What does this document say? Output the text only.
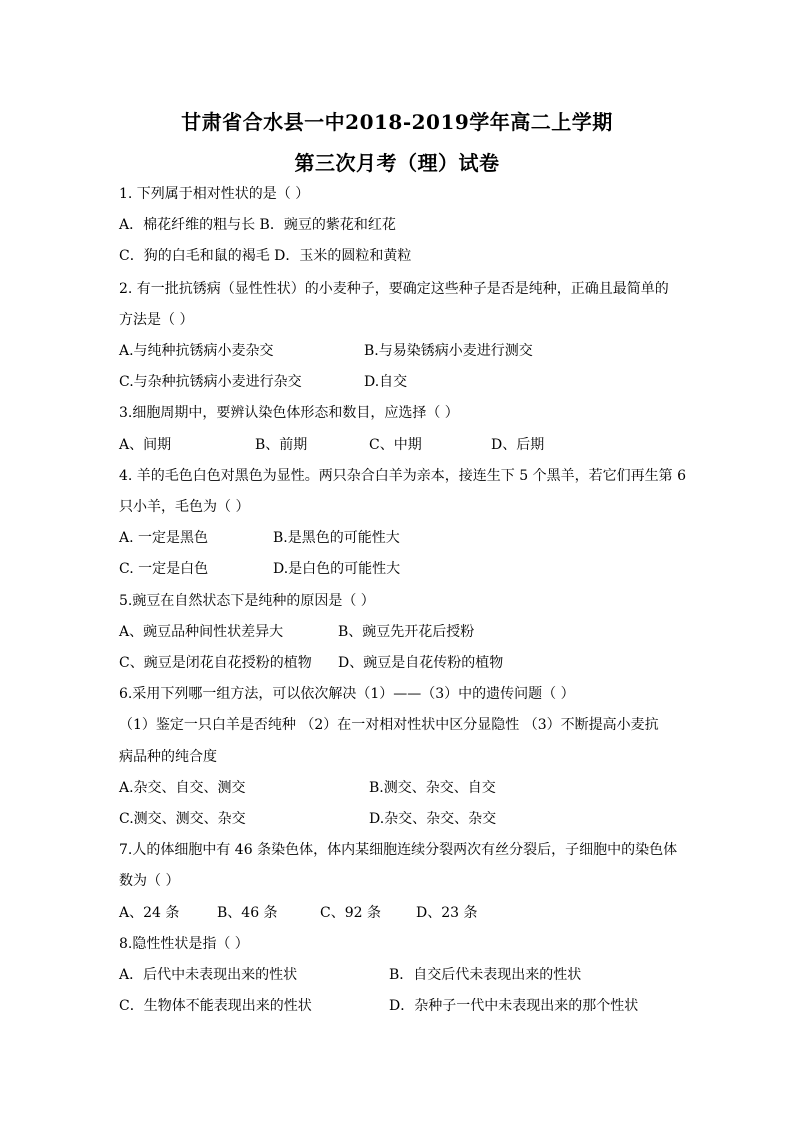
甘肃省合水县一中2018-2019学年高二上学期
第三次月考（理）试卷
1. 下列属于相对性状的是（ ）
A．棉花纤维的粗与长 B．豌豆的紫花和红花
C．狗的白毛和鼠的褐毛 D．玉米的圆粒和黄粒
2. 有一批抗锈病（显性性状）的小麦种子，要确定这些种子是否是纯种，正确且最简单的
方法是（ ）
A.与纯种抗锈病小麦杂交	B.与易染锈病小麦进行测交
C.与杂种抗锈病小麦进行杂交	D.自交
3.细胞周期中，要辨认染色体形态和数目，应选择（ ）
A、间期	B、前期	C、中期	D、后期
4. 羊的毛色白色对黑色为显性。两只杂合白羊为亲本，接连生下 5 个黑羊，若它们再生第 6
只小羊，毛色为（ ）
A. 一定是黑色	B.是黑色的可能性大
C. 一定是白色	D.是白色的可能性大
5.豌豆在自然状态下是纯种的原因是（ ）
A、豌豆品种间性状差异大	B、豌豆先开花后授粉
C、豌豆是闭花自花授粉的植物 D、豌豆是自花传粉的植物
6.采用下列哪一组方法，可以依次解决（1）——（3）中的遗传问题（ ）
（1）鉴定一只白羊是否纯种 （2）在一对相对性状中区分显隐性 （3）不断提高小麦抗
病品种的纯合度
A.杂交、自交、测交	B.测交、杂交、自交
C.测交、测交、杂交	D.杂交、杂交、杂交
7.人的体细胞中有 46 条染色体，体内某细胞连续分裂两次有丝分裂后，子细胞中的染色体
数为（ ）
A、24 条	B、46 条	C、92 条	D、23 条
8.隐性性状是指（ ）
A．后代中未表现出来的性状	B．自交后代未表现出来的性状
C．生物体不能表现出来的性状	D．杂种子一代中未表现出来的那个性状
